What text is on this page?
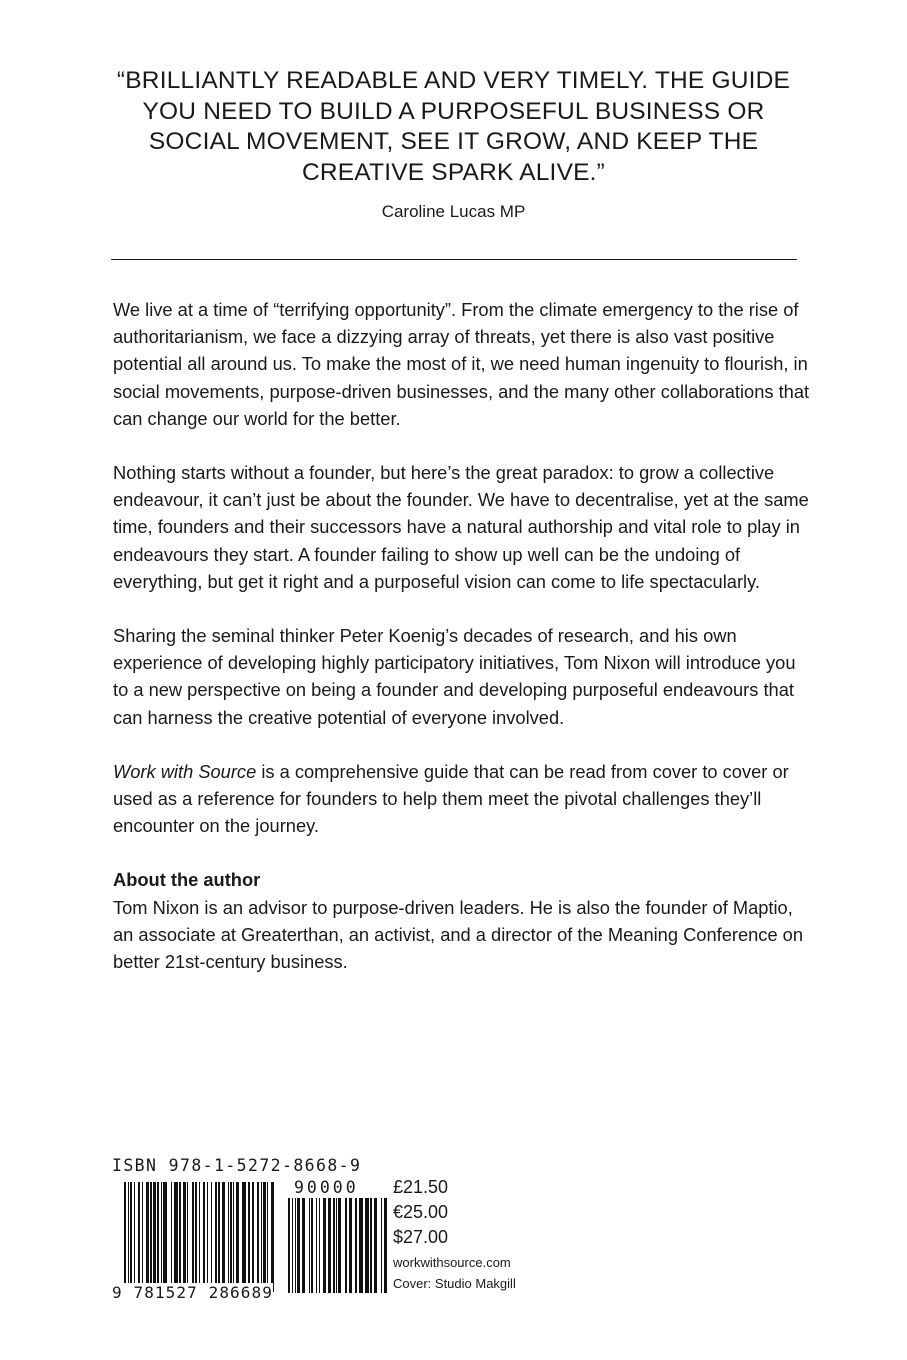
“BRILLIANTLY READABLE AND VERY TIMELY. THE GUIDE
YOU NEED TO BUILD A PURPOSEFUL BUSINESS OR
SOCIAL MOVEMENT, SEE IT GROW, AND KEEP THE
CREATIVE SPARK ALIVE.”
Caroline Lucas MP

We live at a time of “terrifying opportunity”. From the climate emergency to the rise of authoritarianism, we face a dizzying array of threats, yet there is also vast positive potential all around us. To make the most of it, we need human ingenuity to flourish, in social movements, purpose-driven businesses, and the many other collaborations that can change our world for the better.

Nothing starts without a founder, but here’s the great paradox: to grow a collective endeavour, it can’t just be about the founder. We have to decentralise, yet at the same time, founders and their successors have a natural authorship and vital role to play in endeavours they start. A founder failing to show up well can be the undoing of everything, but get it right and a purposeful vision can come to life spectacularly.

Sharing the seminal thinker Peter Koenig’s decades of research, and his own experience of developing highly participatory initiatives, Tom Nixon will introduce you to a new perspective on being a founder and developing purposeful endeavours that can harness the creative potential of everyone involved.

Work with Source is a comprehensive guide that can be read from cover to cover or used as a reference for founders to help them meet the pivotal challenges they’ll encounter on the journey.

About the author
Tom Nixon is an advisor to purpose-driven leaders. He is also the founder of Maptio, an associate at Greaterthan, an activist, and a director of the Meaning Conference on better 21st-century business.
ISBN 978-1-5272-8668-9
90000
9 781527 286689
£21.50
€25.00
$27.00
workwithsource.com
Cover: Studio Makgill
